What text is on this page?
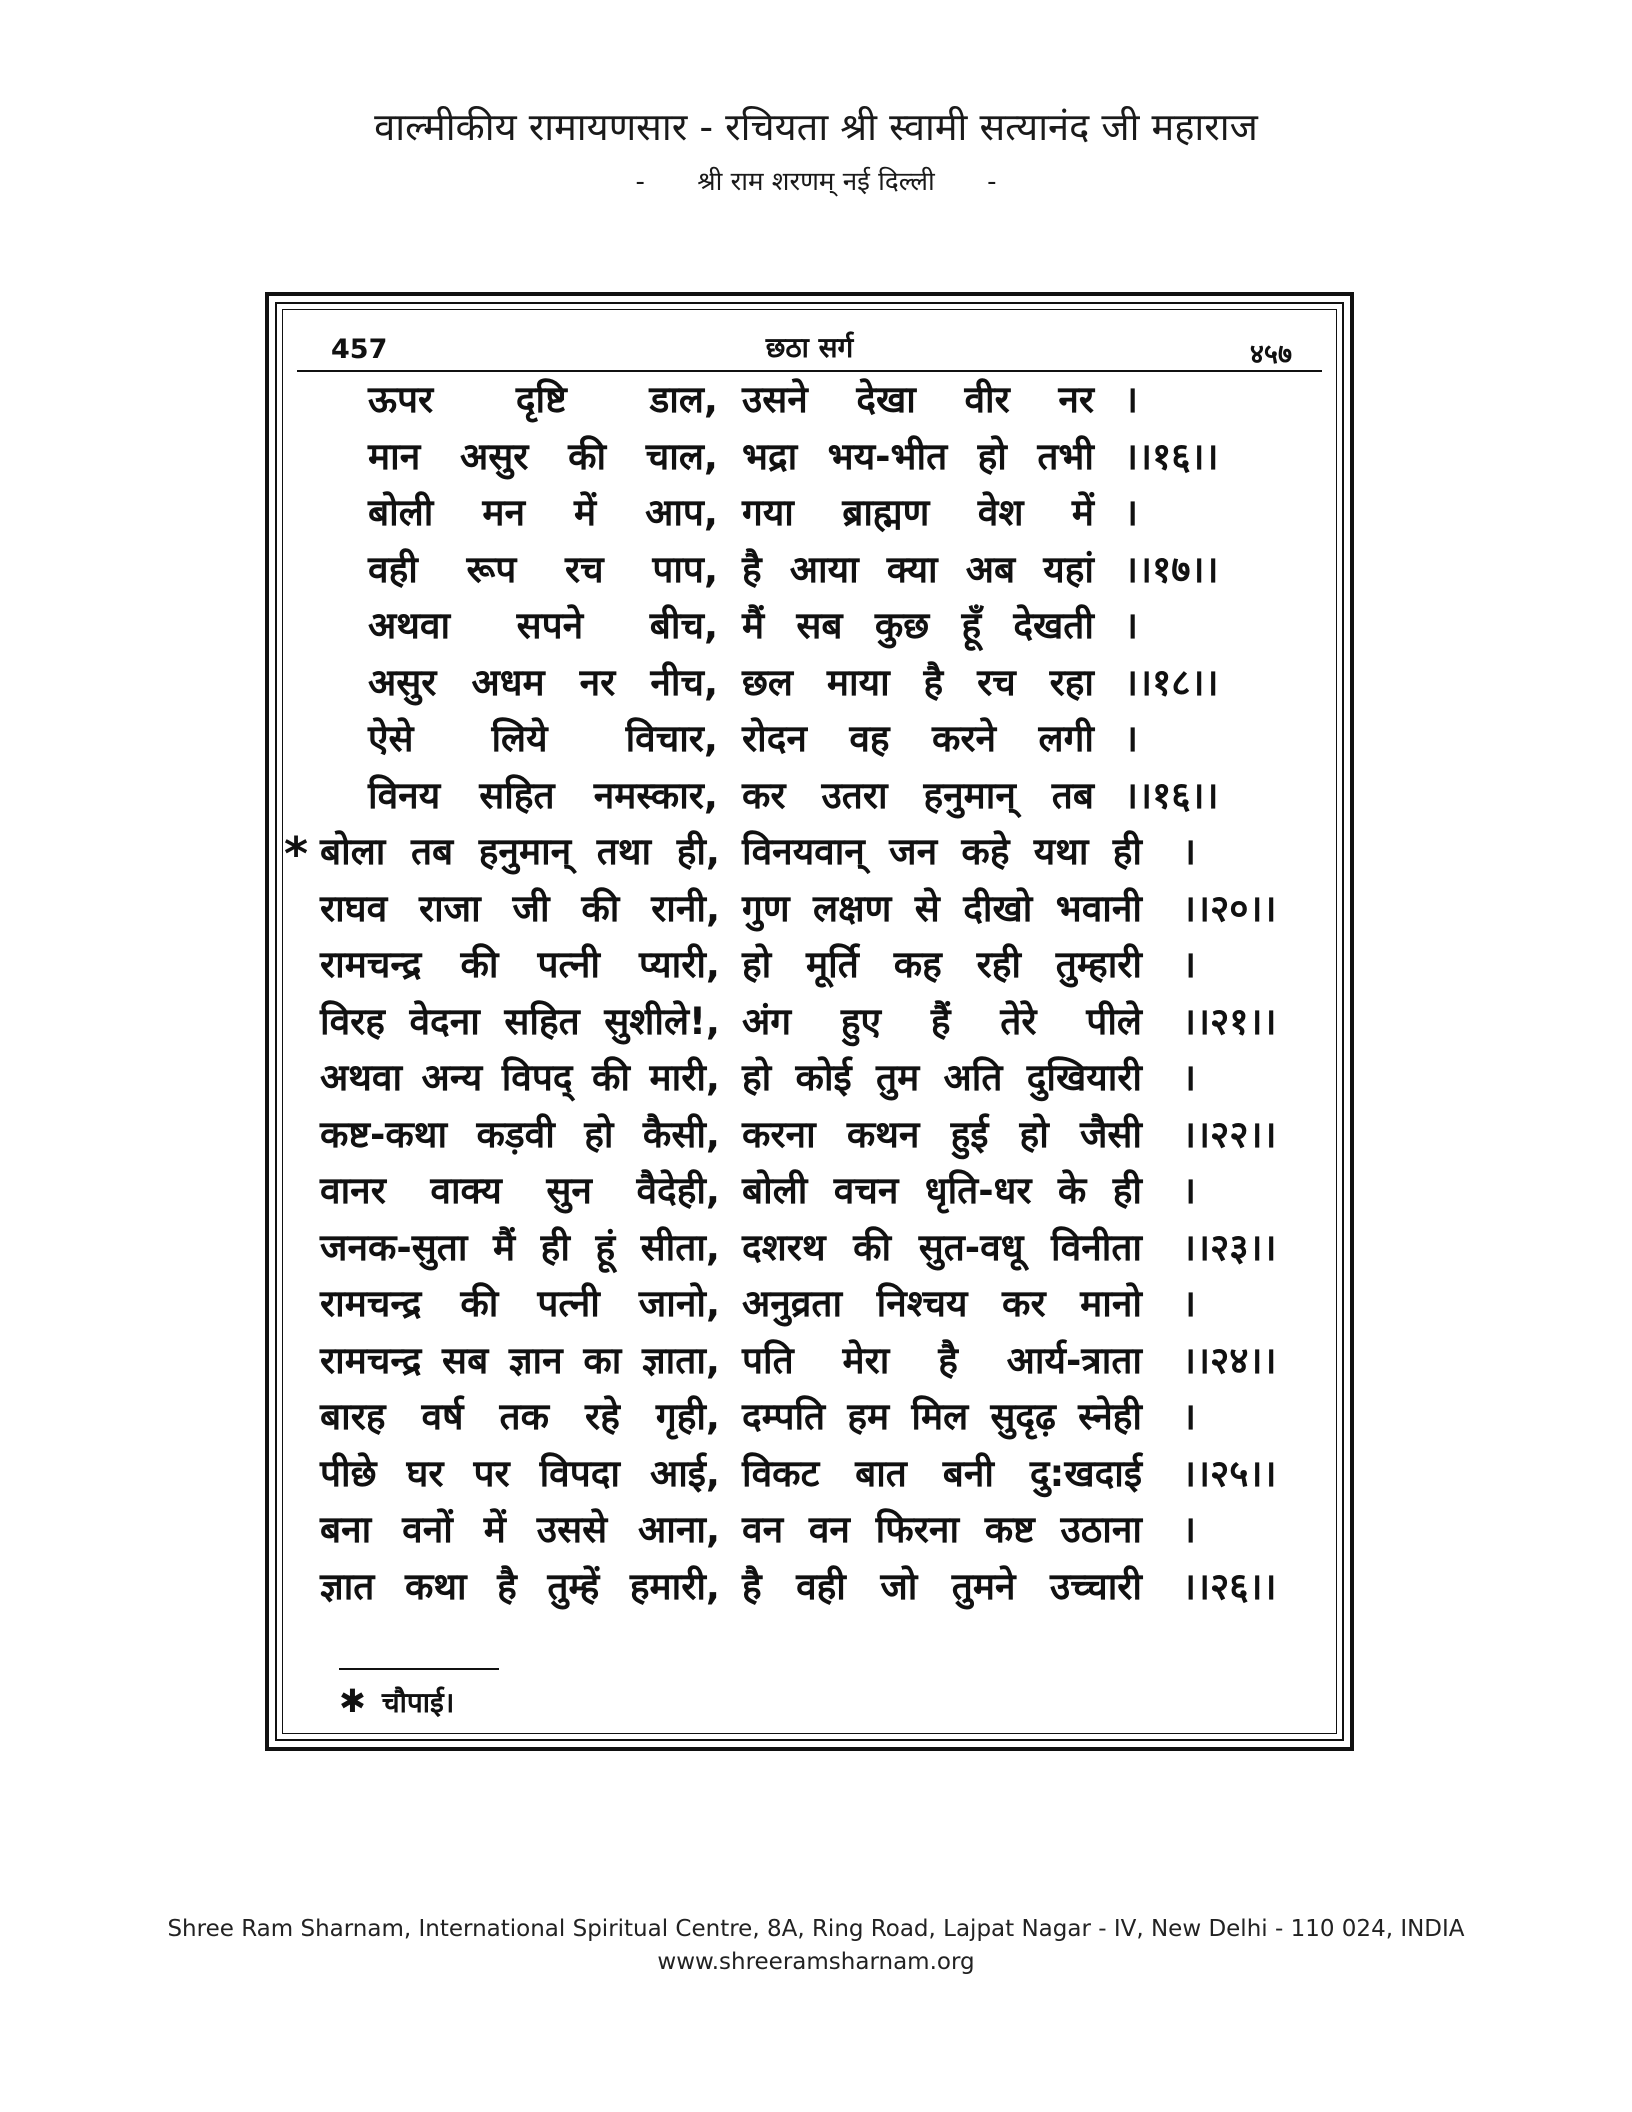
वाल्मीकीय रामायणसार - रचियता श्री स्वामी सत्यानंद जी महाराज
- श्री राम शरणम् नई दिल्ली -
457	छठा सर्ग	४५७
ऊपर दृष्टि डाल, उसने देखा वीर नर ।
मान असुर की चाल, भद्रा भय-भीत हो तभी ।।१६।।
बोली मन में आप, गया ब्राह्मण वेश में ।
वही रूप रच पाप, है आया क्या अब यहां ।।१७।।
अथवा सपने बीच, मैं सब कुछ हूँ देखती ।
असुर अधम नर नीच, छल माया है रच रहा ।।१८।।
ऐसे लिये विचार, रोदन वह करने लगी ।
विनय सहित नमस्कार, कर उतरा हनुमान् तब ।।१६।।
बोला तब हनुमान् तथा ही, विनयवान् जन कहे यथा ही ।
राघव राजा जी की रानी, गुण लक्षण से दीखो भवानी ।।२०।।
रामचन्द्र की पत्नी प्यारी, हो मूर्ति कह रही तुम्हारी ।
विरह वेदना सहित सुशीले!, अंग हुए हैं तेरे पीले ।।२१।।
अथवा अन्य विपद् की मारी, हो कोई तुम अति दुखियारी ।
कष्ट-कथा कड़वी हो कैसी, करना कथन हुई हो जैसी ।।२२।।
वानर वाक्य सुन वैदेही, बोली वचन धृति-धर के ही ।
जनक-सुता मैं ही हूं सीता, दशरथ की सुत-वधू विनीता ।।२३।।
रामचन्द्र की पत्नी जानो, अनुव्रता निश्चय कर मानो ।
रामचन्द्र सब ज्ञान का ज्ञाता, पति मेरा है आर्य-त्राता ।।२४।।
बारह वर्ष तक रहे गृही, दम्पति हम मिल सुदृढ़ स्नेही ।
पीछे घर पर विपदा आई, विकट बात बनी दु:खदाई ।।२५।।
बना वनों में उससे आना, वन वन फिरना कष्ट उठाना ।
ज्ञात कथा है तुम्हें हमारी, है वही जो तुमने उच्चारी ।।२६।।
*
✱ चौपाई।
Shree Ram Sharnam, International Spiritual Centre, 8A, Ring Road, Lajpat Nagar - IV, New Delhi - 110 024, INDIA
www.shreeramsharnam.org
